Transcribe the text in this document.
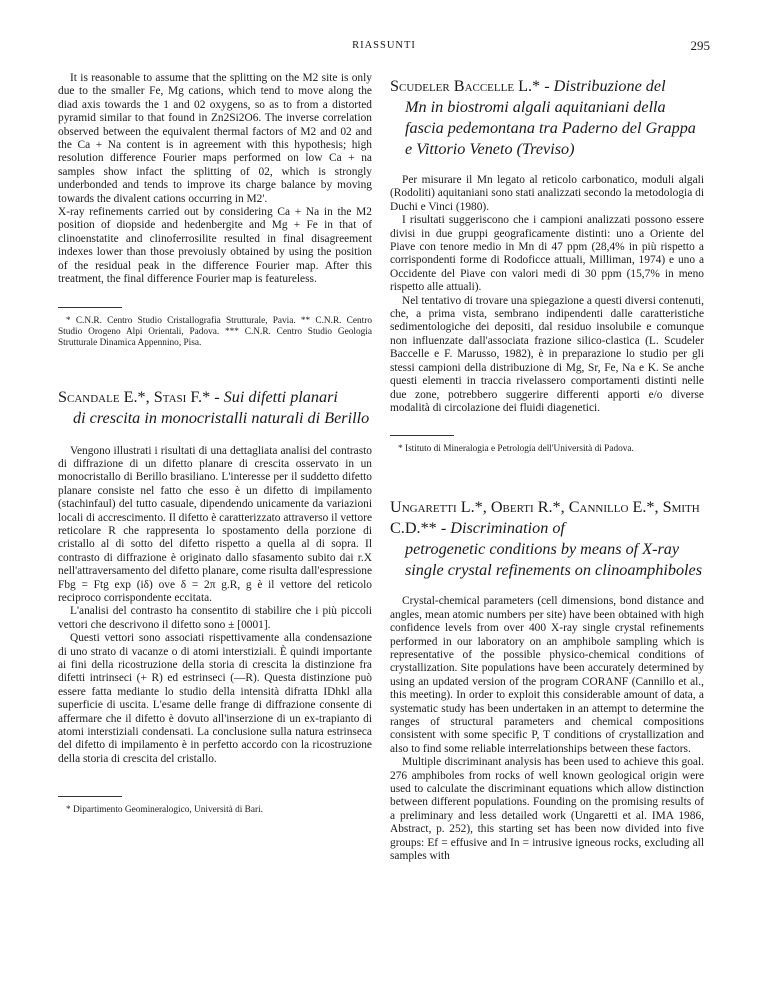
RIASSUNTI	295

It is reasonable to assume that the splitting on the M2 site is only due to the smaller Fe, Mg cations, which tend to move along the diad axis towards the 1 and 02 oxygens, so as to from a distorted pyramid similar to that found in Zn2Si2O6. The inverse correlation observed between the equivalent thermal factors of M2 and 02 and the Ca + Na content is in agreement with this hypothesis; high resolution difference Fourier maps performed on low Ca + na samples show infact the splitting of 02, which is strongly underbonded and tends to improve its charge balance by moving towards the divalent cations occurring in M2'.

X-ray refinements carried out by considering Ca + Na in the M2 position of diopside and hedenbergite and Mg + Fe in that of clinoenstatite and clinoferrosilite resulted in final disagreement indexes lower than those prevoiusly obtained by using the position of the residual peak in the difference Fourier map. After this treatment, the final difference Fourier map is featureless.

* C.N.R. Centro Studio Cristallografia Strutturale, Pavia. ** C.N.R. Centro Studio Orogeno Alpi Orientali, Padova. *** C.N.R. Centro Studio Geologia Strutturale Dinamica Appennino, Pisa.

Scandale E.*, Stasi F.* - Sui difetti planari
di crescita in monocristalli naturali di Berillo

Vengono illustrati i risultati di una dettagliata analisi del contrasto di diffrazione di un difetto planare di crescita osservato in un monocristallo di Berillo brasiliano. L'interesse per il suddetto difetto planare consiste nel fatto che esso è un difetto di impilamento (stachinfaul) del tutto casuale, dipendendo unicamente da variazioni locali di accrescimento. Il difetto è caratterizzato attraverso il vettore reticolare R che rappresenta lo spostamento della porzione di cristallo al di sotto del difetto rispetto a quella al di sopra. Il contrasto di diffrazione è originato dallo sfasamento subito dai r.X nell'attraversamento del difetto planare, come risulta dall'espressione Fbg = Ftg exp (iδ) ove δ = 2π g.R, g è il vettore del reticolo reciproco corrispondente eccitata.

L'analisi del contrasto ha consentito di stabilire che i più piccoli vettori che descrivono il difetto sono ± [0001].

Questi vettori sono associati rispettivamente alla condensazione di uno strato di vacanze o di atomi interstiziali. È quindi importante ai fini della ricostruzione della storia di crescita la distinzione fra difetti intrinseci (+ R) ed estrinseci (—R). Questa distinzione può essere fatta mediante lo studio della intensità difratta IDhkl alla superficie di uscita. L'esame delle frange di diffrazione consente di affermare che il difetto è dovuto all'inserzione di un ex-trapianto di atomi interstiziali condensati. La conclusione sulla natura estrinseca del difetto di impilamento è in perfetto accordo con la ricostruzione della storia di crescita del cristallo.

* Dipartimento Geomineralogico, Università di Bari.

Scudeler Baccelle L.* - Distribuzione del
Mn in biostromi algali aquitaniani della fascia pedemontana tra Paderno del Grappa e Vittorio Veneto (Treviso)

Per misurare il Mn legato al reticolo carbonatico, moduli algali (Rodoliti) aquitaniani sono stati analizzati secondo la metodologia di Duchi e Vinci (1980).

I risultati suggeriscono che i campioni analizzati possono essere divisi in due gruppi geograficamente distinti: uno a Oriente del Piave con tenore medio in Mn di 47 ppm (28,4% in più rispetto a corrispondenti forme di Rodoficce attuali, Milliman, 1974) e uno a Occidente del Piave con valori medi di 30 ppm (15,7% in meno rispetto alle attuali).

Nel tentativo di trovare una spiegazione a questi diversi contenuti, che, a prima vista, sembrano indipendenti dalle caratteristiche sedimentologiche dei depositi, dal residuo insolubile e comunque non influenzate dall'associata frazione silico-clastica (L. Scudeler Baccelle e F. Marusso, 1982), è in preparazione lo studio per gli stessi campioni della distribuzione di Mg, Sr, Fe, Na e K. Se anche questi elementi in traccia rivelassero comportamenti distinti nelle due zone, potrebbero suggerire differenti apporti e/o diverse modalità di circolazione dei fluidi diagenetici.

* Istituto di Mineralogia e Petrologia dell'Università di Padova.

Ungaretti L.*, Oberti R.*, Cannillo E.*, Smith C.D.** - Discrimination of
petrogenetic conditions by means of X-ray single crystal refinements on clinoamphiboles

Crystal-chemical parameters (cell dimensions, bond distance and angles, mean atomic numbers per site) have been obtained with high confidence levels from over 400 X-ray single crystal refinements performed in our laboratory on an amphibole sampling which is representative of the possible physico-chemical conditions of crystallization. Site populations have been accurately determined by using an updated version of the program CORANF (Cannillo et al., this meeting). In order to exploit this considerable amount of data, a systematic study has been undertaken in an attempt to determine the ranges of structural parameters and chemical compositions consistent with some specific P, T conditions of crystallization and also to find some reliable interrelationships between these factors.

Multiple discriminant analysis has been used to achieve this goal. 276 amphiboles from rocks of well known geological origin were used to calculate the discriminant equations which allow distinction between different populations. Founding on the promising results of a preliminary and less detailed work (Ungaretti et al. IMA 1986, Abstract, p. 252), this starting set has been now divided into five groups: Ef = effusive and In = intrusive igneous rocks, excluding all samples with
